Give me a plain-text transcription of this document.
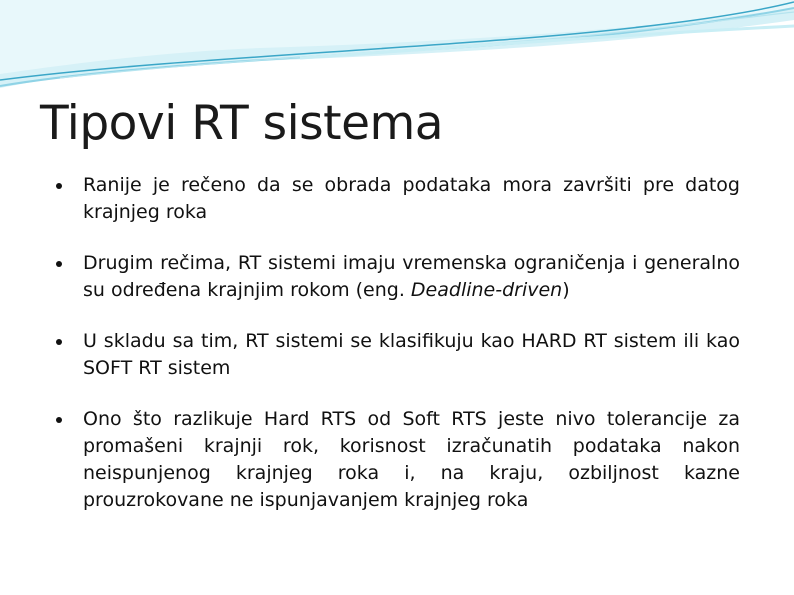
Tipovi RT sistema
Ranije je rečeno da se obrada podataka mora završiti pre datog krajnjeg roka
Drugim rečima, RT sistemi imaju vremenska ograničenja i generalno su određena krajnjim rokom (eng. Deadline-driven)
U skladu sa tim, RT sistemi se klasifikuju kao HARD RT sistem ili kao SOFT RT sistem
Ono što razlikuje Hard RTS od Soft RTS jeste nivo tolerancije za promašeni krajnji rok, korisnost izračunatih podataka nakon neispunjenog krajnjeg roka i, na kraju, ozbiljnost kazne prouzrokovane ne ispunjavanjem krajnjeg roka
